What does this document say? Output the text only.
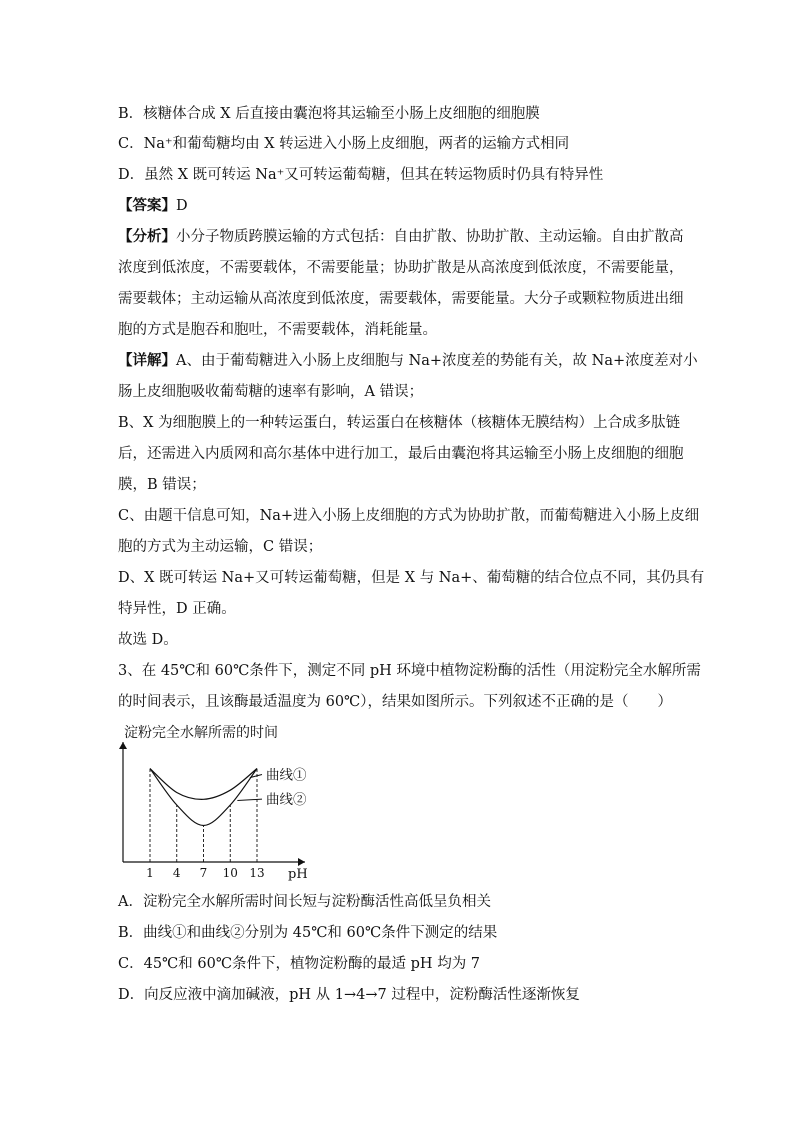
B．核糖体合成 X 后直接由囊泡将其运输至小肠上皮细胞的细胞膜
C．Na⁺和葡萄糖均由 X 转运进入小肠上皮细胞，两者的运输方式相同
D．虽然 X 既可转运 Na⁺又可转运葡萄糖，但其在转运物质时仍具有特异性
【答案】D
【分析】小分子物质跨膜运输的方式包括：自由扩散、协助扩散、主动运输。自由扩散高
浓度到低浓度，不需要载体，不需要能量；协助扩散是从高浓度到低浓度，不需要能量，
需要载体；主动运输从高浓度到低浓度，需要载体，需要能量。大分子或颗粒物质进出细
胞的方式是胞吞和胞吐，不需要载体，消耗能量。
【详解】A、由于葡萄糖进入小肠上皮细胞与 Na+浓度差的势能有关，故 Na+浓度差对小
肠上皮细胞吸收葡萄糖的速率有影响，A 错误；
B、X 为细胞膜上的一种转运蛋白，转运蛋白在核糖体（核糖体无膜结构）上合成多肽链
后，还需进入内质网和高尔基体中进行加工，最后由囊泡将其运输至小肠上皮细胞的细胞
膜，B 错误；
C、由题干信息可知，Na+进入小肠上皮细胞的方式为协助扩散，而葡萄糖进入小肠上皮细
胞的方式为主动运输，C 错误；
D、X 既可转运 Na+又可转运葡萄糖，但是 X 与 Na+、葡萄糖的结合位点不同，其仍具有
特异性，D 正确。
故选 D。
3、在 45℃和 60℃条件下，测定不同 pH 环境中植物淀粉酶的活性（用淀粉完全水解所需
的时间表示，且该酶最适温度为 60℃），结果如图所示。下列叙述不正确的是（　　）
淀粉完全水解所需的时间
1 4 7 10 13
曲线①
曲线②
pH
A．淀粉完全水解所需时间长短与淀粉酶活性高低呈负相关
B．曲线①和曲线②分别为 45℃和 60℃条件下测定的结果
C．45℃和 60℃条件下，植物淀粉酶的最适 pH 均为 7
D．向反应液中滴加碱液，pH 从 1→4→7 过程中，淀粉酶活性逐渐恢复
